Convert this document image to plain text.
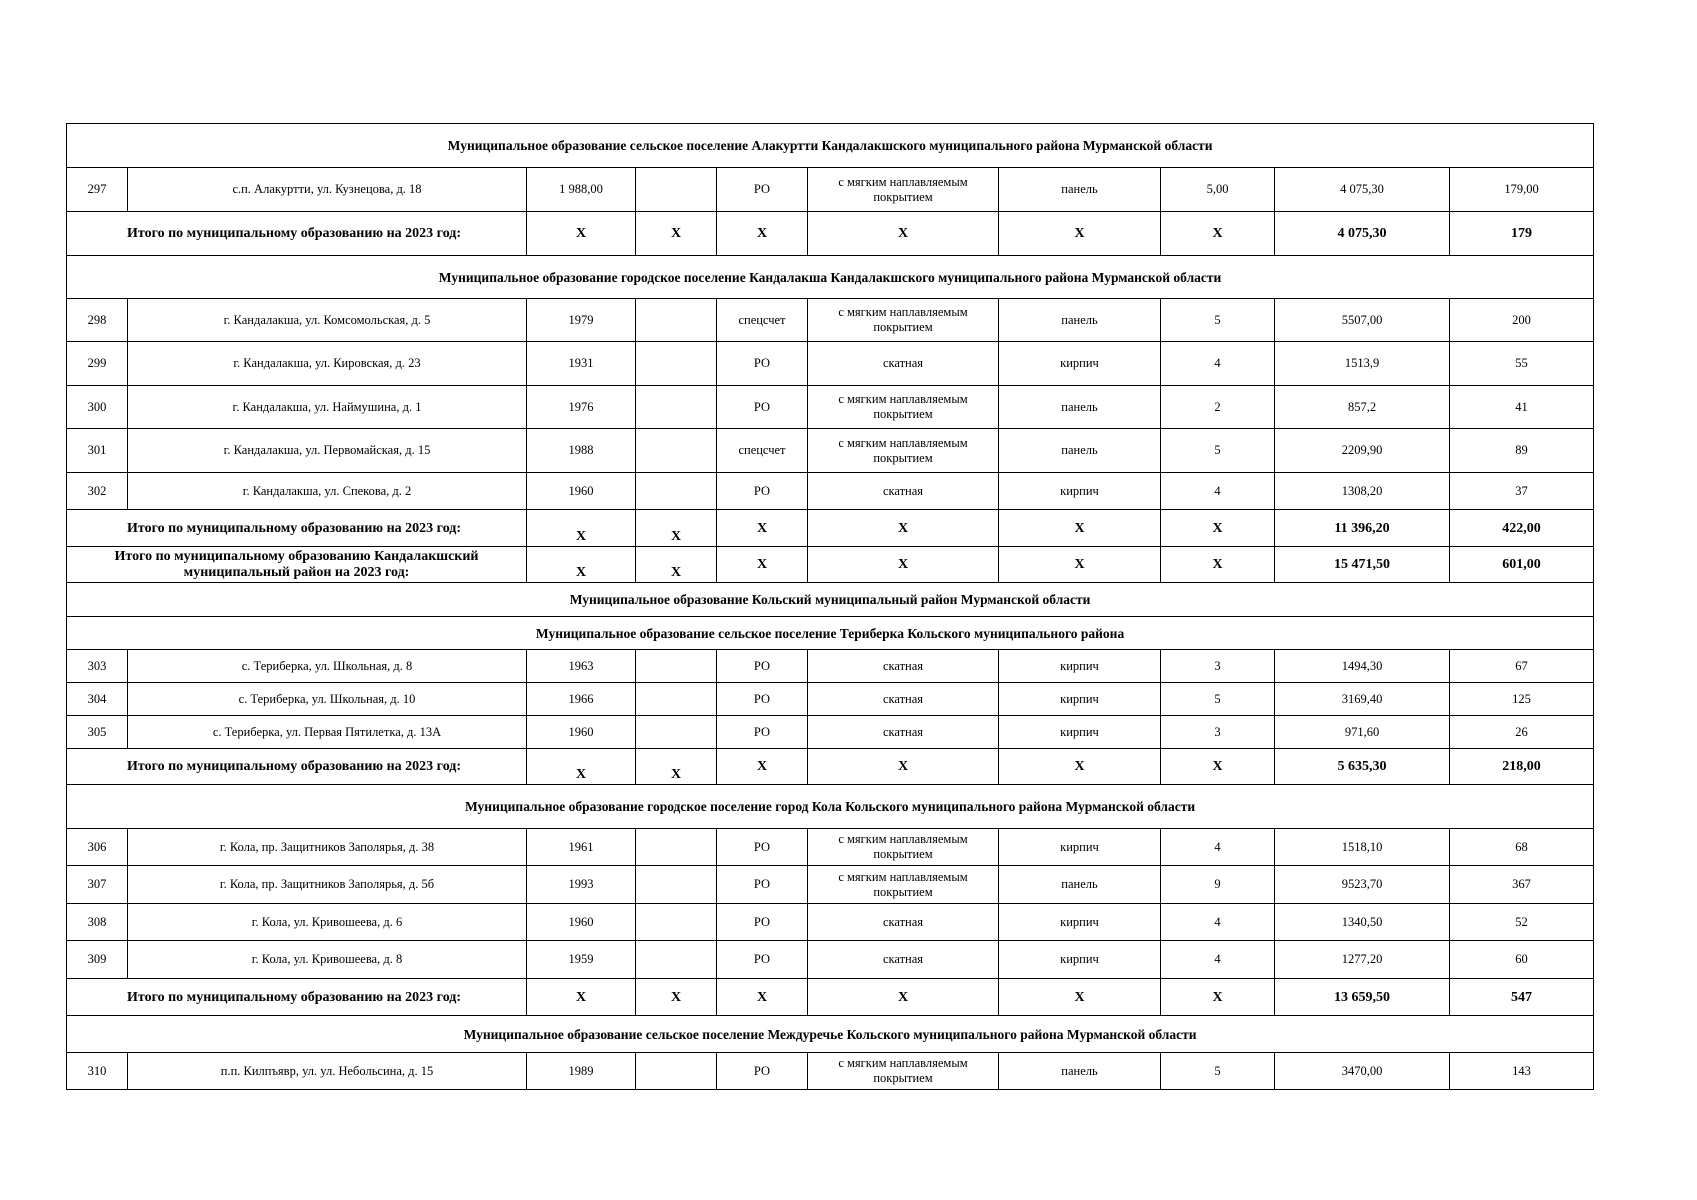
Муниципальное образование сельское поселение Алакуртти Кандалакшского муниципального района Мурманской области									
297	с.п. Алакуртти, ул. Кузнецова, д. 18	1 988,00		РО	с мягким наплавляемым покрытием	панель	5,00	4 075,30	179,00
Итого по муниципальному образованию на 2023 год:		X	X	X	X	X	X	4 075,30	179
Муниципальное образование городское поселение Кандалакша Кандалакшского муниципального района Мурманской области									
298	г. Кандалакша, ул. Комсомольская, д. 5	1979		спецсчет	с мягким наплавляемым покрытием	панель	5	5507,00	200
299	г. Кандалакша, ул. Кировская, д. 23	1931		РО	скатная	кирпич	4	1513,9	55
300	г. Кандалакша, ул. Наймушина, д. 1	1976		РО	с мягким наплавляемым покрытием	панель	2	857,2	41
301	г. Кандалакша, ул. Первомайская, д. 15	1988		спецсчет	с мягким наплавляемым покрытием	панель	5	2209,90	89
302	г. Кандалакша, ул. Спекова, д. 2	1960		РО	скатная	кирпич	4	1308,20	37
Итого по муниципальному образованию на 2023 год:		X	X	X	X	X	X	11 396,20	422,00
Итого по муниципальному образованию Кандалакшский муниципальный район на 2023 год:		X	X	X	X	X	X	15 471,50	601,00
Муниципальное образование Кольский муниципальный район Мурманской области									
Муниципальное образование сельское поселение Териберка Кольского муниципального района									
303	с. Териберка, ул. Школьная, д. 8	1963		РО	скатная	кирпич	3	1494,30	67
304	с. Териберка, ул. Школьная, д. 10	1966		РО	скатная	кирпич	5	3169,40	125
305	с. Териберка, ул. Первая Пятилетка, д. 13А	1960		РО	скатная	кирпич	3	971,60	26
Итого по муниципальному образованию на 2023 год:		X	X	X	X	X	X	5 635,30	218,00
Муниципальное образование городское поселение город Кола Кольского муниципального района Мурманской области									
306	г. Кола, пр. Защитников Заполярья, д. 38	1961		РО	с мягким наплавляемым покрытием	кирпич	4	1518,10	68
307	г. Кола, пр. Защитников Заполярья, д. 5б	1993		РО	с мягким наплавляемым покрытием	панель	9	9523,70	367
308	г. Кола, ул. Кривошеева, д. 6	1960		РО	скатная	кирпич	4	1340,50	52
309	г. Кола, ул. Кривошеева, д. 8	1959		РО	скатная	кирпич	4	1277,20	60
Итого по муниципальному образованию на 2023 год:		X	X	X	X	X	X	13 659,50	547
Муниципальное образование сельское поселение Междуречье Кольского муниципального района Мурманской области									
310	п.п. Килпъявр, ул. ул. Небольсина, д. 15	1989		РО	с мягким наплавляемым покрытием	панель	5	3470,00	143
